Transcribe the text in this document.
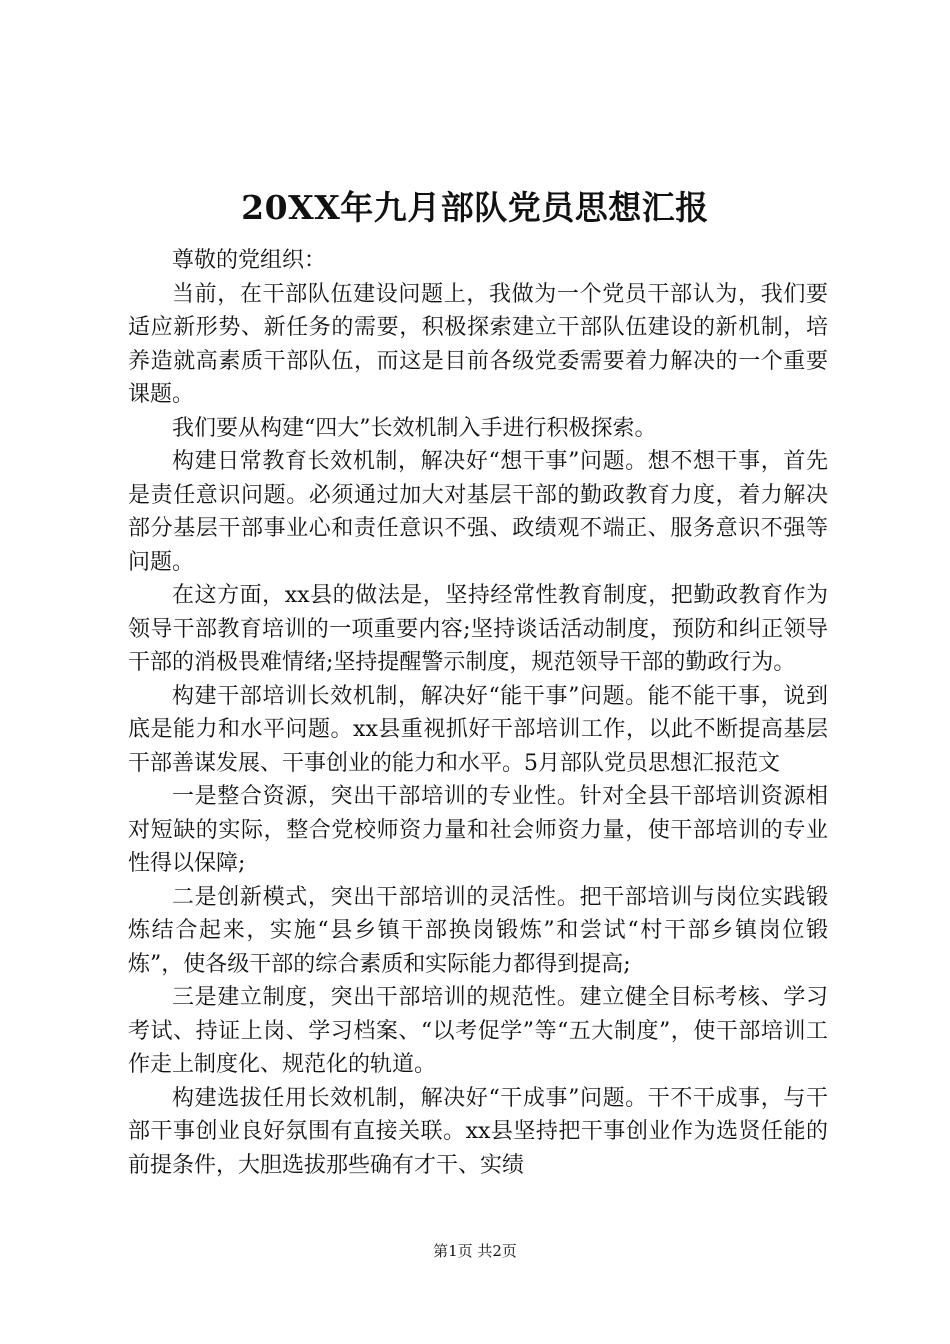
20XX年九月部队党员思想汇报

尊敬的党组织：

当前，在干部队伍建设问题上，我做为一个党员干部认为，我们要适应新形势、新任务的需要，积极探索建立干部队伍建设的新机制，培养造就高素质干部队伍，而这是目前各级党委需要着力解决的一个重要课题。

我们要从构建“四大”长效机制入手进行积极探索。

构建日常教育长效机制，解决好“想干事”问题。想不想干事，首先是责任意识问题。必须通过加大对基层干部的勤政教育力度，着力解决部分基层干部事业心和责任意识不强、政绩观不端正、服务意识不强等问题。

在这方面，xx县的做法是，坚持经常性教育制度，把勤政教育作为领导干部教育培训的一项重要内容;坚持谈话活动制度，预防和纠正领导干部的消极畏难情绪;坚持提醒警示制度，规范领导干部的勤政行为。

构建干部培训长效机制，解决好“能干事”问题。能不能干事，说到底是能力和水平问题。xx县重视抓好干部培训工作，以此不断提高基层干部善谋发展、干事创业的能力和水平。5月部队党员思想汇报范文

一是整合资源，突出干部培训的专业性。针对全县干部培训资源相对短缺的实际，整合党校师资力量和社会师资力量，使干部培训的专业性得以保障;

二是创新模式，突出干部培训的灵活性。把干部培训与岗位实践锻炼结合起来，实施“县乡镇干部换岗锻炼”和尝试“村干部乡镇岗位锻炼”，使各级干部的综合素质和实际能力都得到提高;

三是建立制度，突出干部培训的规范性。建立健全目标考核、学习考试、持证上岗、学习档案、“以考促学”等“五大制度”，使干部培训工作走上制度化、规范化的轨道。

构建选拔任用长效机制，解决好“干成事”问题。干不干成事，与干部干事创业良好氛围有直接关联。xx县坚持把干事创业作为选贤任能的前提条件，大胆选拔那些确有才干、实绩

第1页 共2页
